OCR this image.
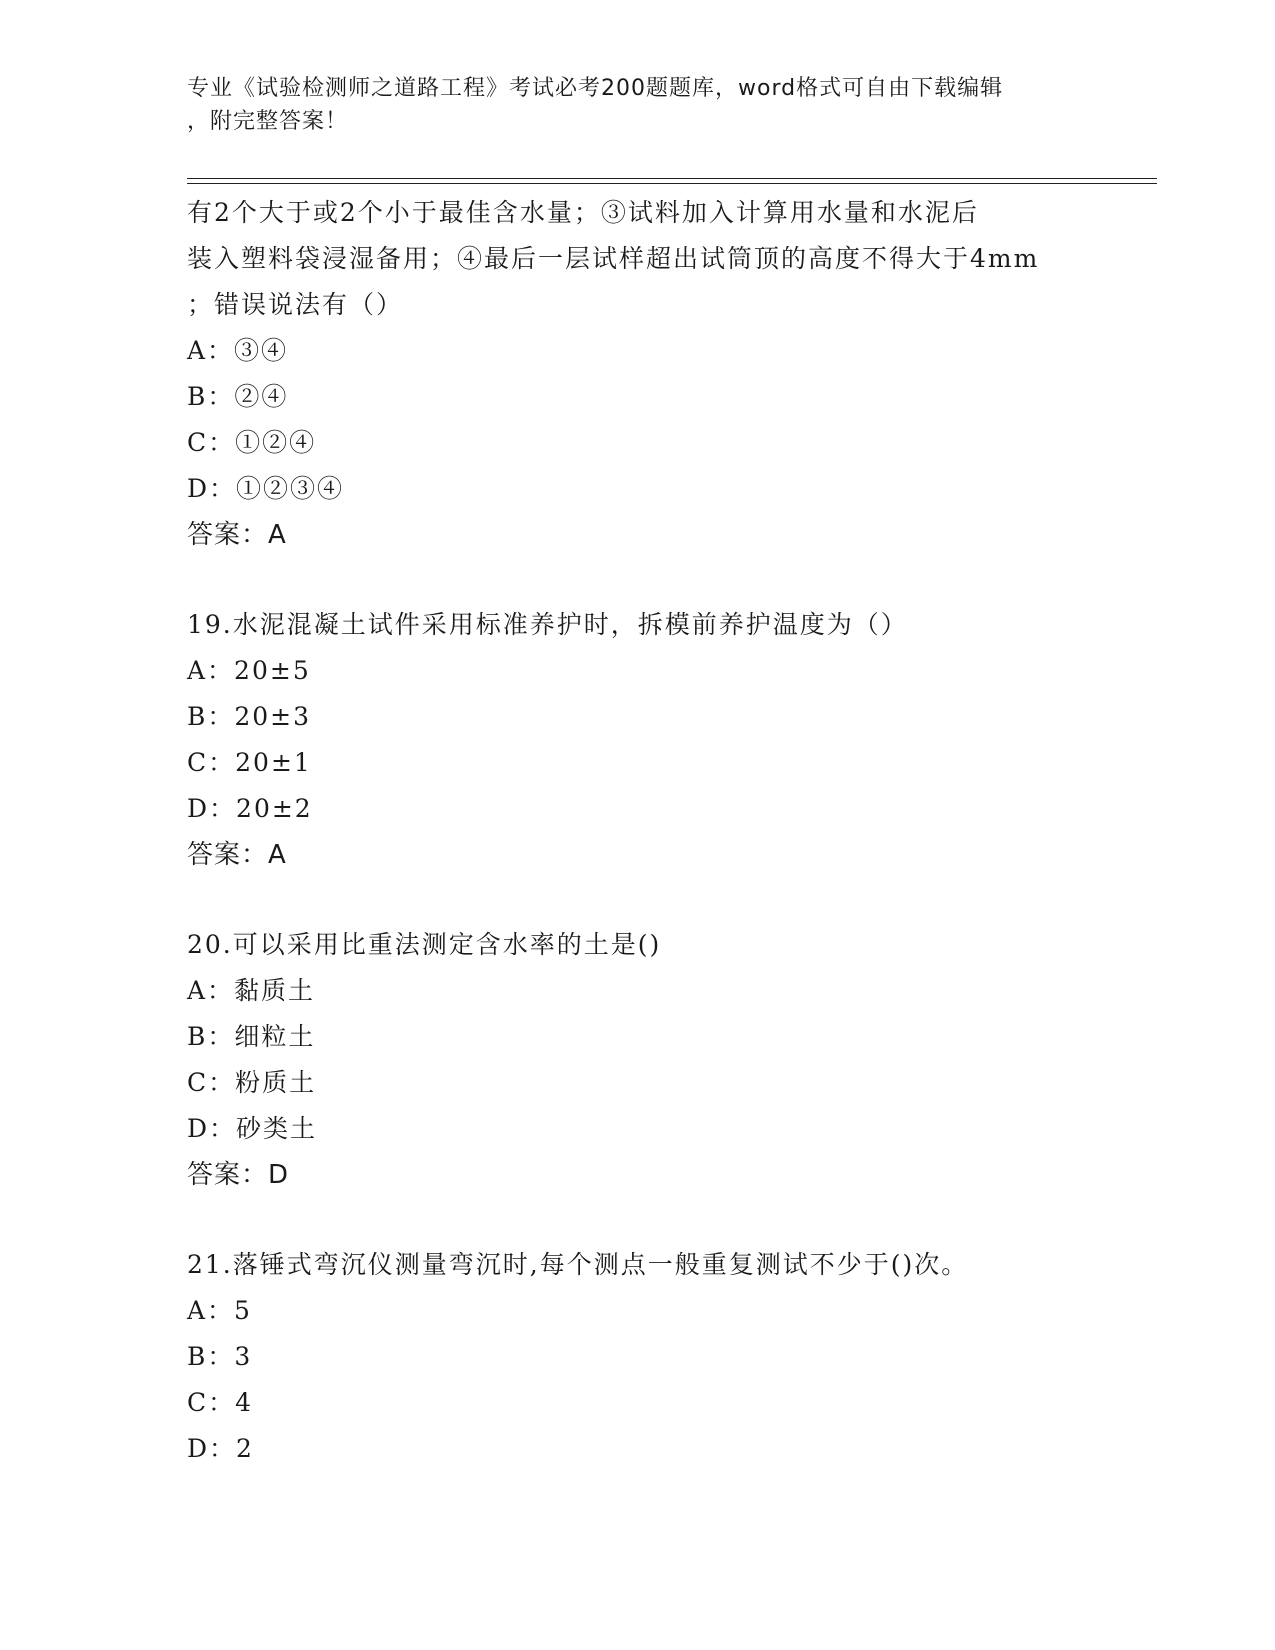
专业《试验检测师之道路工程》考试必考200题题库，word格式可自由下载编辑
，附完整答案！
有2个大于或2个小于最佳含水量；③试料加入计算用水量和水泥后
装入塑料袋浸湿备用；④最后一层试样超出试筒顶的高度不得大于4mm
；错误说法有（）
A：③④
B：②④
C：①②④
D：①②③④
答案：A
19.水泥混凝土试件采用标准养护时，拆模前养护温度为（）
A：20±5
B：20±3
C：20±1
D：20±2
答案：A
20.可以采用比重法测定含水率的土是()
A：黏质土
B：细粒土
C：粉质土
D：砂类土
答案：D
21.落锤式弯沉仪测量弯沉时,每个测点一般重复测试不少于()次。
A：5
B：3
C：4
D：2
